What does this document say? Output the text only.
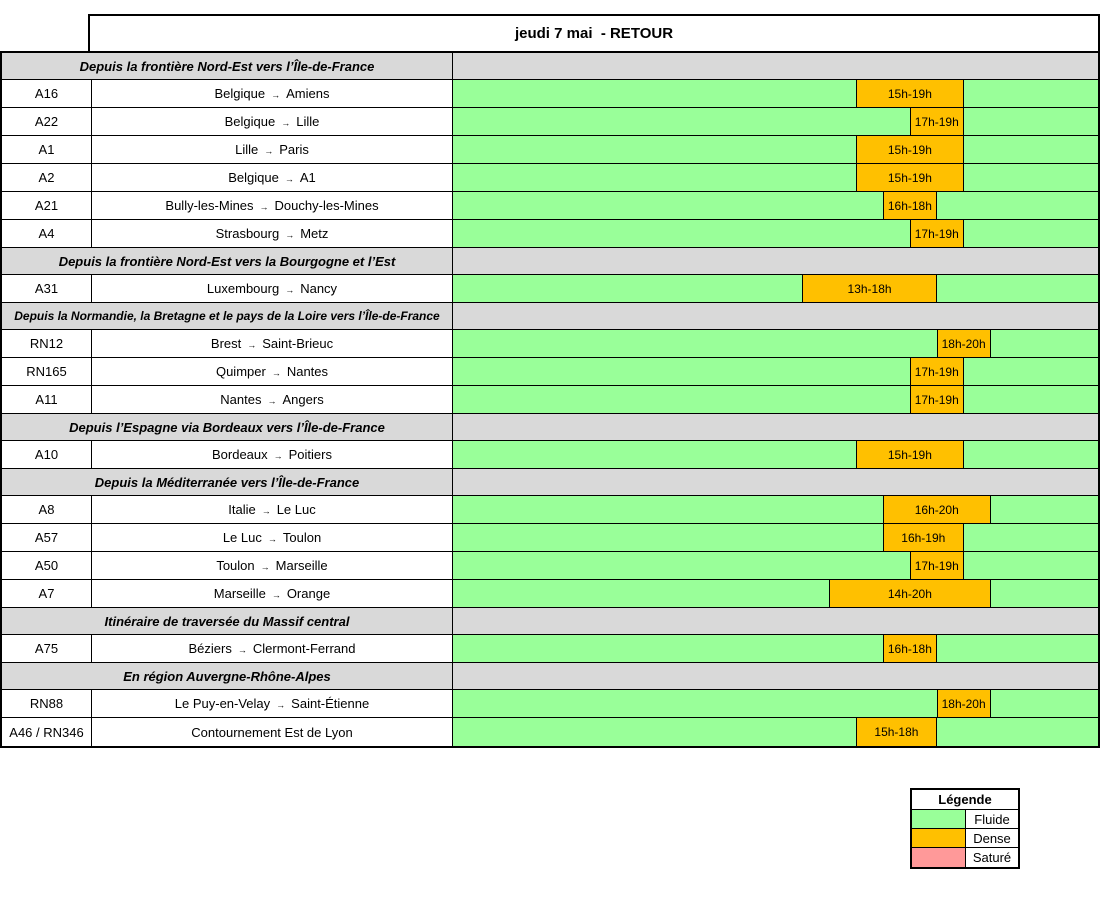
jeudi 7 mai  - RETOUR
Depuis la frontière Nord-Est vers l’Île-de-France
A16	Belgique → Amiens	15h-19h
A22	Belgique → Lille	17h-19h
A1	Lille → Paris	15h-19h
A2	Belgique → A1	15h-19h
A21	Bully-les-Mines → Douchy-les-Mines	16h-18h
A4	Strasbourg → Metz	17h-19h
Depuis la frontière Nord-Est vers la Bourgogne et l’Est
A31	Luxembourg → Nancy	13h-18h
Depuis la Normandie, la Bretagne et le pays de la Loire vers l’Île-de-France
RN12	Brest → Saint-Brieuc	18h-20h
RN165	Quimper → Nantes	17h-19h
A11	Nantes → Angers	17h-19h
Depuis l’Espagne via Bordeaux vers l’Île-de-France
A10	Bordeaux → Poitiers	15h-19h
Depuis la Méditerranée vers l’Île-de-France
A8	Italie → Le Luc	16h-20h
A57	Le Luc → Toulon	16h-19h
A50	Toulon → Marseille	17h-19h
A7	Marseille → Orange	14h-20h
Itinéraire de traversée du Massif central
A75	Béziers → Clermont-Ferrand	16h-18h
En région Auvergne-Rhône-Alpes
RN88	Le Puy-en-Velay → Saint-Étienne	18h-20h
A46 / RN346	Contournement Est de Lyon	15h-18h
Légende
Fluide
Dense
Saturé
